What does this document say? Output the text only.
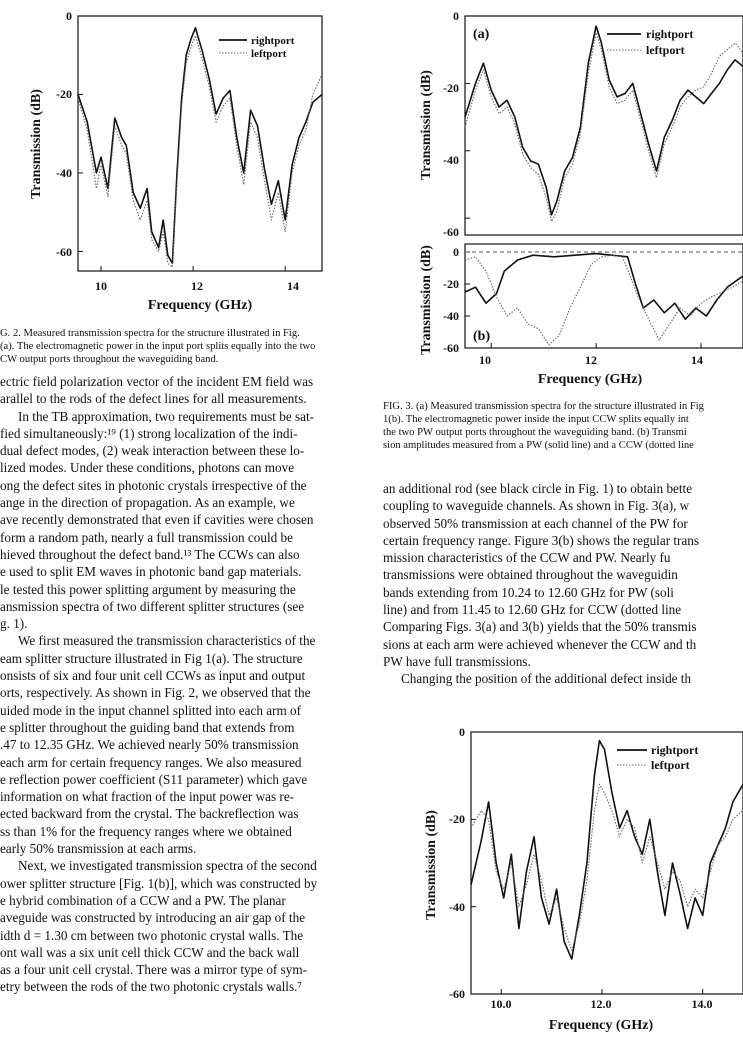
0
-20
-40
-60
10	12	14
Frequency (GHz)
Transmission (dB)
rightport
leftport
G. 2. Measured transmission spectra for the structure illustrated in Fig.
(a). The electromagnetic power in the input port splits equally into the two
CW output ports throughout the waveguiding band.
(a)
(b)
0
-20
-40
-60
0
-20
-40
-60
10	12	14
Frequency (GHz)
Transmission (dB)
Transmission (dB)
rightport
leftport
FIG. 3. (a) Measured transmission spectra for the structure illustrated in Fig
1(b). The electromagnetic power inside the input CCW splits equally int
the two PW output ports throughout the waveguiding band. (b) Transmi
sion amplitudes measured from a PW (solid line) and a CCW (dotted line

ectric field polarization vector of the incident EM field was
arallel to the rods of the defect lines for all measurements.

In the TB approximation, two requirements must be sat-
fied simultaneously:¹⁹ (1) strong localization of the indi-
dual defect modes, (2) weak interaction between these lo-
lized modes. Under these conditions, photons can move
ong the defect sites in photonic crystals irrespective of the
ange in the direction of propagation. As an example, we
ave recently demonstrated that even if cavities were chosen
form a random path, nearly a full transmission could be
hieved throughout the defect band.¹³ The CCWs can also
e used to split EM waves in photonic band gap materials.
le tested this power splitting argument by measuring the
ansmission spectra of two different splitter structures (see
g. 1).

We first measured the transmission characteristics of the
eam splitter structure illustrated in Fig 1(a). The structure
onsists of six and four unit cell CCWs as input and output
orts, respectively. As shown in Fig. 2, we observed that the
uided mode in the input channel splitted into each arm of
e splitter throughout the guiding band that extends from
.47 to 12.35 GHz. We achieved nearly 50% transmission
each arm for certain frequency ranges. We also measured
e reflection power coefficient (S11 parameter) which gave
information on what fraction of the input power was re-
ected backward from the crystal. The backreflection was
ss than 1% for the frequency ranges where we obtained
early 50% transmission at each arms.

Next, we investigated transmission spectra of the second
ower splitter structure [Fig. 1(b)], which was constructed by
e hybrid combination of a CCW and a PW. The planar
aveguide was constructed by introducing an air gap of the
idth d = 1.30 cm between two photonic crystal walls. The
ont wall was a six unit cell thick CCW and the back wall
as a four unit cell crystal. There was a mirror type of sym-
etry between the rods of the two photonic crystals walls.⁷

an additional rod (see black circle in Fig. 1) to obtain bette
coupling to waveguide channels. As shown in Fig. 3(a), w
observed 50% transmission at each channel of the PW for
certain frequency range. Figure 3(b) shows the regular trans
mission characteristics of the CCW and PW. Nearly fu
transmissions were obtained throughout the waveguidin
bands extending from 10.24 to 12.60 GHz for PW (soli
line) and from 11.45 to 12.60 GHz for CCW (dotted line
Comparing Figs. 3(a) and 3(b) yields that the 50% transmis
sions at each arm were achieved whenever the CCW and th
PW have full transmissions.

Changing the position of the additional defect inside th

0
-20
-40
-60
10.0	12.0	14.0
Frequency (GHz)
Transmission (dB)
rightport
leftport
